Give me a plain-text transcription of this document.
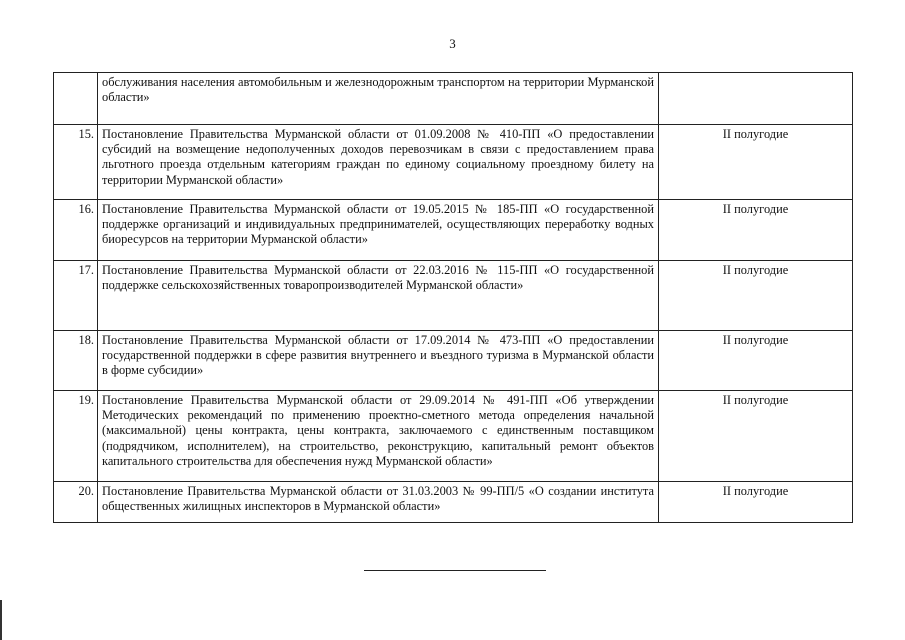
3
	обслуживания населения автомобильным и железнодорожным транспортом на территории Мурманской области»	
15.	Постановление Правительства Мурманской области от 01.09.2008 № 410-ПП «О предоставлении субсидий на возмещение недополученных доходов перевозчикам в связи с предоставлением права льготного проезда отдельным категориям граждан по единому социальному проездному билету на территории Мурманской области»	II полугодие
16.	Постановление Правительства Мурманской области от 19.05.2015 № 185-ПП «О государственной поддержке организаций и индивидуальных предпринимателей, осуществляющих переработку водных биоресурсов на территории Мурманской области»	II полугодие
17.	Постановление Правительства Мурманской области от 22.03.2016 № 115-ПП «О государственной поддержке сельскохозяйственных товаропроизводителей Мурманской области»	II полугодие
18.	Постановление Правительства Мурманской области от 17.09.2014 № 473-ПП «О предоставлении государственной поддержки в сфере развития внутреннего и въездного туризма в Мурманской области в форме субсидии»	II полугодие
19.	Постановление Правительства Мурманской области от 29.09.2014 № 491-ПП «Об утверждении Методических рекомендаций по применению проектно-сметного метода определения начальной (максимальной) цены контракта, цены контракта, заключаемого с единственным поставщиком (подрядчиком, исполнителем), на строительство, реконструкцию, капитальный ремонт объектов капитального строительства для обеспечения нужд Мурманской области»	II полугодие
20.	Постановление Правительства Мурманской области от 31.03.2003 № 99-ПП/5 «О создании института общественных жилищных инспекторов в Мурманской области»	II полугодие
